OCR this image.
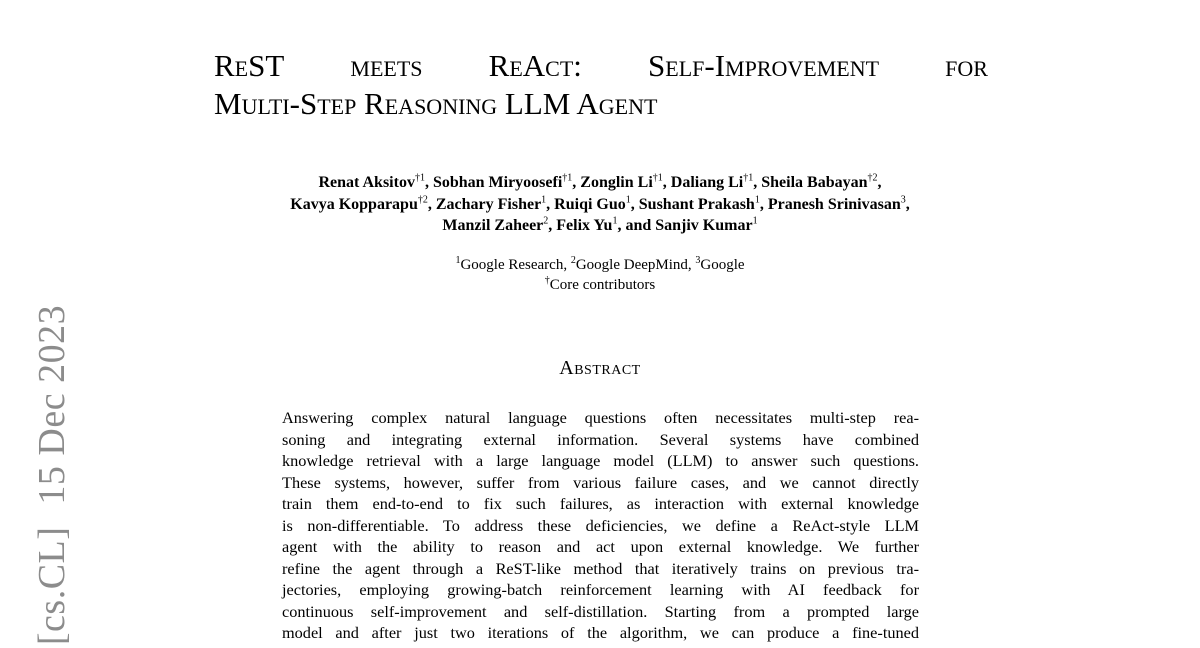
[cs.CL]15 Dec 2023
ReST meets ReAct: Self-Improvement for
Multi-Step Reasoning LLM Agent
Renat Aksitov$^{\dagger 1}$, Sobhan Miryoosefi$^{\dagger 1}$, Zonglin Li$^{\dagger 1}$, Daliang Li$^{\dagger 1}$, Sheila Babayan$^{\dagger 2}$,
Kavya Kopparapu$^{\dagger 2}$, Zachary Fisher$^1$, Ruiqi Guo$^1$, Sushant Prakash$^1$, Pranesh Srinivasan$^3$,
Manzil Zaheer$^2$, Felix Yu$^1$, and Sanjiv Kumar$^1$
$^1$Google Research, $^2$Google DeepMind, $^3$Google
†Core contributors
Abstract
Answering complex natural language questions often necessitates multi-step rea-
soning and integrating external information. Several systems have combined
knowledge retrieval with a large language model (LLM) to answer such questions.
These systems, however, suffer from various failure cases, and we cannot directly
train them end-to-end to fix such failures, as interaction with external knowledge
is non-differentiable. To address these deficiencies, we define a ReAct-style LLM
agent with the ability to reason and act upon external knowledge. We further
refine the agent through a ReST-like method that iteratively trains on previous tra-
jectories, employing growing-batch reinforcement learning with AI feedback for
continuous self-improvement and self-distillation. Starting from a prompted large
model and after just two iterations of the algorithm, we can produce a fine-tuned
